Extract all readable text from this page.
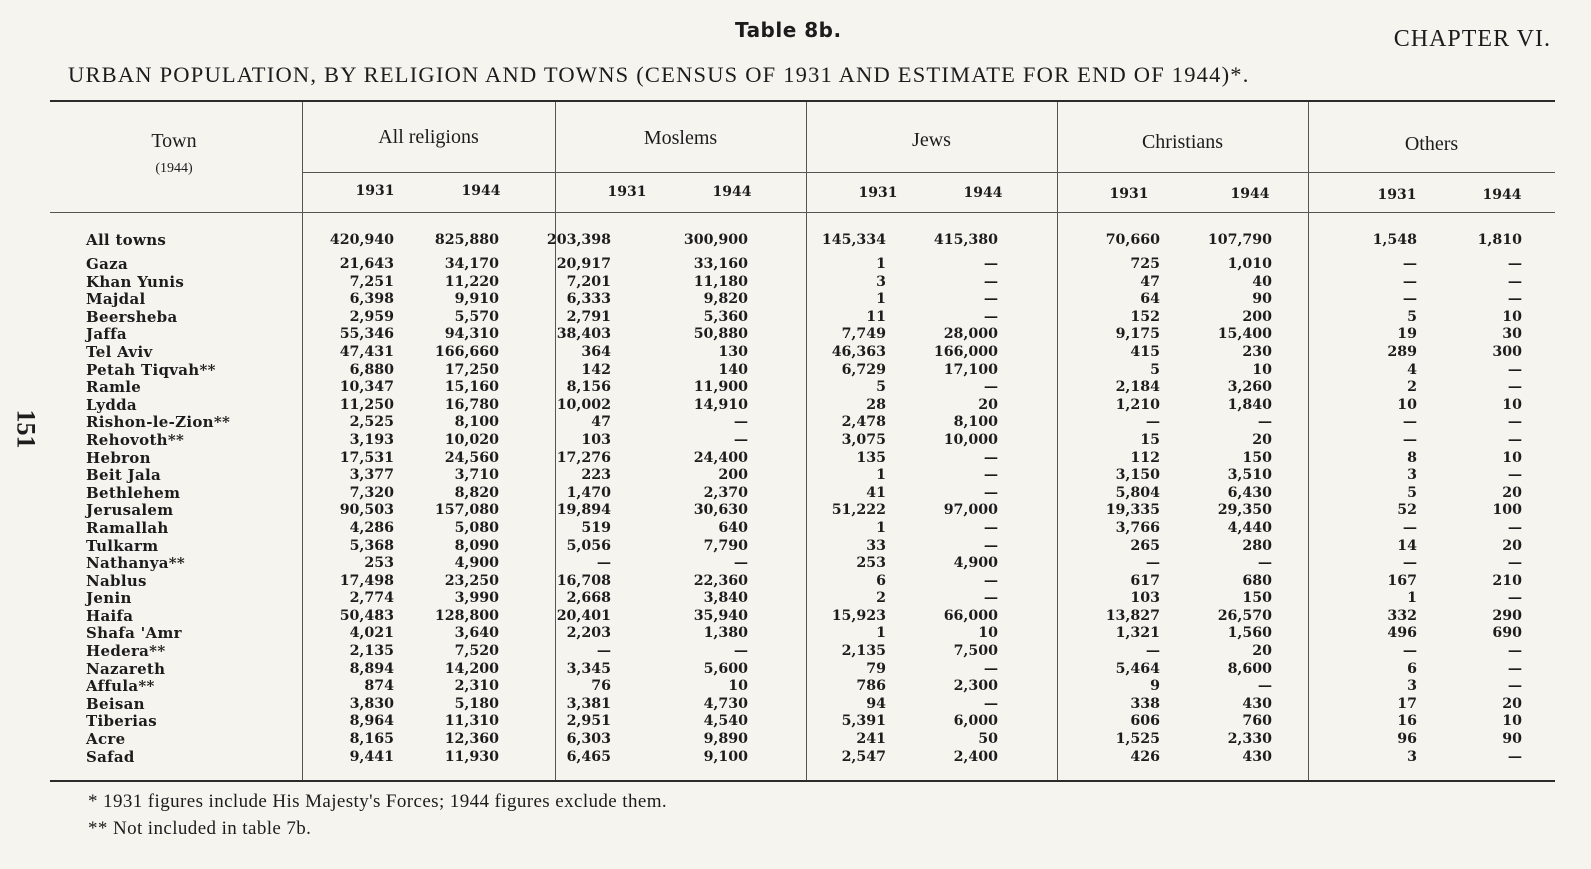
Table 8b.	CHAPTER VI.
URBAN POPULATION, BY RELIGION AND TOWNS (CENSUS OF 1931 AND ESTIMATE FOR END OF 1944)*.
151
Town
(1944)
All religions	Moslems	Jews	Christians	Others
1931	1944	1931	1944	1931	1944	1931	1944	1931	1944
All towns	420,940	825,880	203,398	300,900	145,334	415,380	70,660	107,790	1,548	1,810
Gaza	21,643	34,170	20,917	33,160	1	—	725	1,010	—	—
Khan Yunis	7,251	11,220	7,201	11,180	3	—	47	40	—	—
Majdal	6,398	9,910	6,333	9,820	1	—	64	90	—	—
Beersheba	2,959	5,570	2,791	5,360	11	—	152	200	5	10
Jaffa	55,346	94,310	38,403	50,880	7,749	28,000	9,175	15,400	19	30
Tel Aviv	47,431	166,660	364	130	46,363	166,000	415	230	289	300
Petah Tiqvah**	6,880	17,250	142	140	6,729	17,100	5	10	4	—
Ramle	10,347	15,160	8,156	11,900	5	—	2,184	3,260	2	—
Lydda	11,250	16,780	10,002	14,910	28	20	1,210	1,840	10	10
Rishon-le-Zion**	2,525	8,100	47	—	2,478	8,100	—	—	—	—
Rehovoth**	3,193	10,020	103	—	3,075	10,000	15	20	—	—
Hebron	17,531	24,560	17,276	24,400	135	—	112	150	8	10
Beit Jala	3,377	3,710	223	200	1	—	3,150	3,510	3	—
Bethlehem	7,320	8,820	1,470	2,370	41	—	5,804	6,430	5	20
Jerusalem	90,503	157,080	19,894	30,630	51,222	97,000	19,335	29,350	52	100
Ramallah	4,286	5,080	519	640	1	—	3,766	4,440	—	—
Tulkarm	5,368	8,090	5,056	7,790	33	—	265	280	14	20
Nathanya**	253	4,900	—	—	253	4,900	—	—	—	—
Nablus	17,498	23,250	16,708	22,360	6	—	617	680	167	210
Jenin	2,774	3,990	2,668	3,840	2	—	103	150	1	—
Haifa	50,483	128,800	20,401	35,940	15,923	66,000	13,827	26,570	332	290
Shafa 'Amr	4,021	3,640	2,203	1,380	1	10	1,321	1,560	496	690
Hedera**	2,135	7,520	—	—	2,135	7,500	—	20	—	—
Nazareth	8,894	14,200	3,345	5,600	79	—	5,464	8,600	6	—
Affula**	874	2,310	76	10	786	2,300	9	—	3	—
Beisan	3,830	5,180	3,381	4,730	94	—	338	430	17	20
Tiberias	8,964	11,310	2,951	4,540	5,391	6,000	606	760	16	10
Acre	8,165	12,360	6,303	9,890	241	50	1,525	2,330	96	90
Safad	9,441	11,930	6,465	9,100	2,547	2,400	426	430	3	—
* 1931 figures include His Majesty's Forces; 1944 figures exclude them.
** Not included in table 7b.
